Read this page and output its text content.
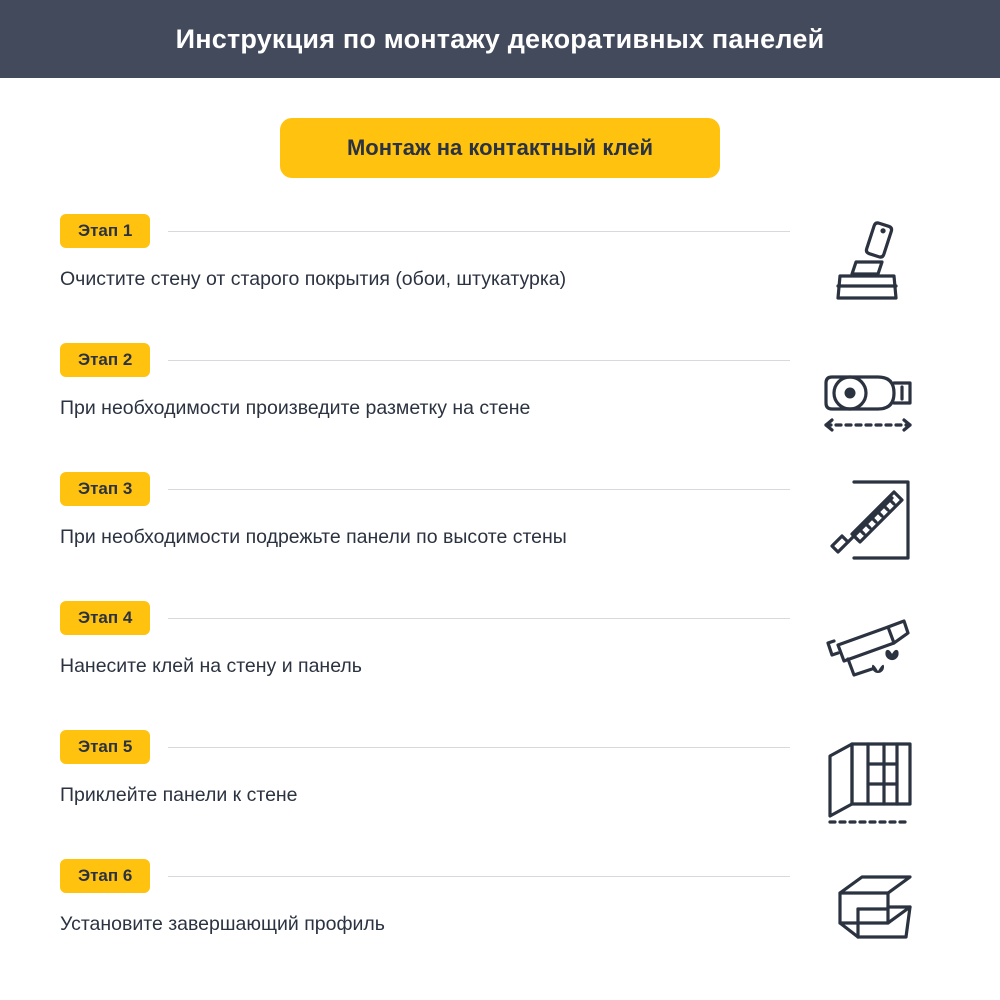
Инструкция по монтажу декоративных панелей
Монтаж на контактный клей
Этап 1
Очистите стену от старого покрытия (обои, штукатурка)
Этап 2
При необходимости произведите разметку на стене
Этап 3
При необходимости подрежьте панели по высоте стены
Этап 4
Нанесите клей на стену и панель
Этап 5
Приклейте панели к стене
Этап 6
Установите завершающий профиль
